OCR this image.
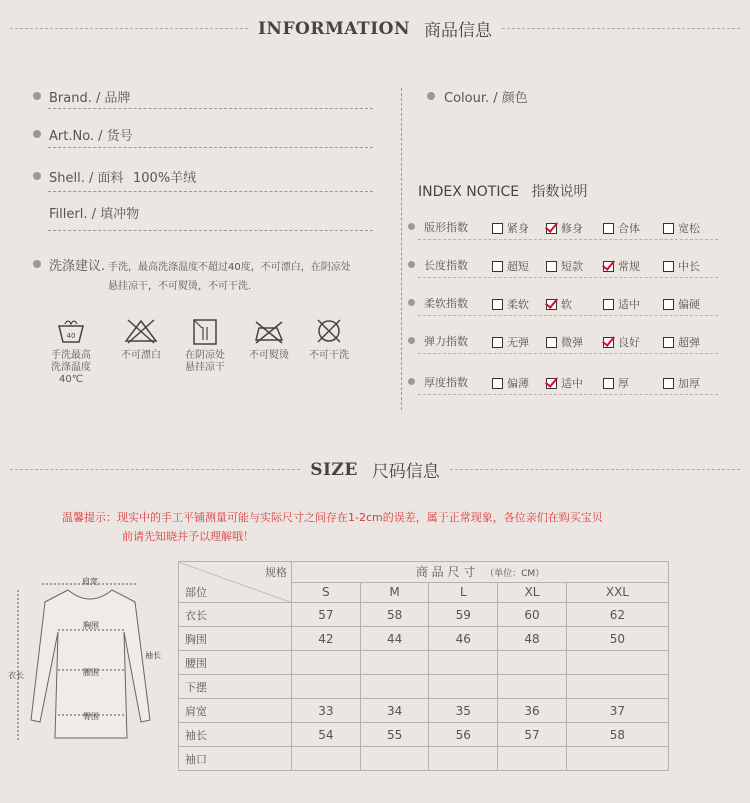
INFORMATION 商品信息
Brand. / 品牌
Art.No. / 货号
Shell. / 面料 100%羊绒
Fillerl. / 填冲物
洗涤建议. 手洗，最高洗涤温度不超过40度，不可漂白，在阴凉处
悬挂凉干，不可熨烫，不可干洗.
40
手洗最高
洗涤温度40℃
不可漂白	在阴凉处
悬挂凉干
不可熨烫	不可干洗
Colour. / 颜色
INDEX NOTICE 指数说明
版形指数	紧身	修身	合体	宽松
长度指数	超短	短款	常规	中长
柔软指数	柔软	软	适中	偏硬
弹力指数	无弹	微弹	良好	超弹
厚度指数	偏薄	适中	厚	加厚
SIZE 尺码信息
温馨提示：现实中的手工平铺测量可能与实际尺寸之间存在1-2cm的误差，属于正常现象，各位亲们在购买宝贝
前请先知晓并予以理解哦！
肩宽
胸围
腰围
臀围
袖长
衣长
规格
部位	商 品 尺 寸 （单位：CM）				
	S	M	L	XL	XXL
衣长	57	58	59	60	62
胸围	42	44	46	48	50
腰围					
下摆					
肩宽	33	34	35	36	37
袖长	54	55	56	57	58
袖口					
